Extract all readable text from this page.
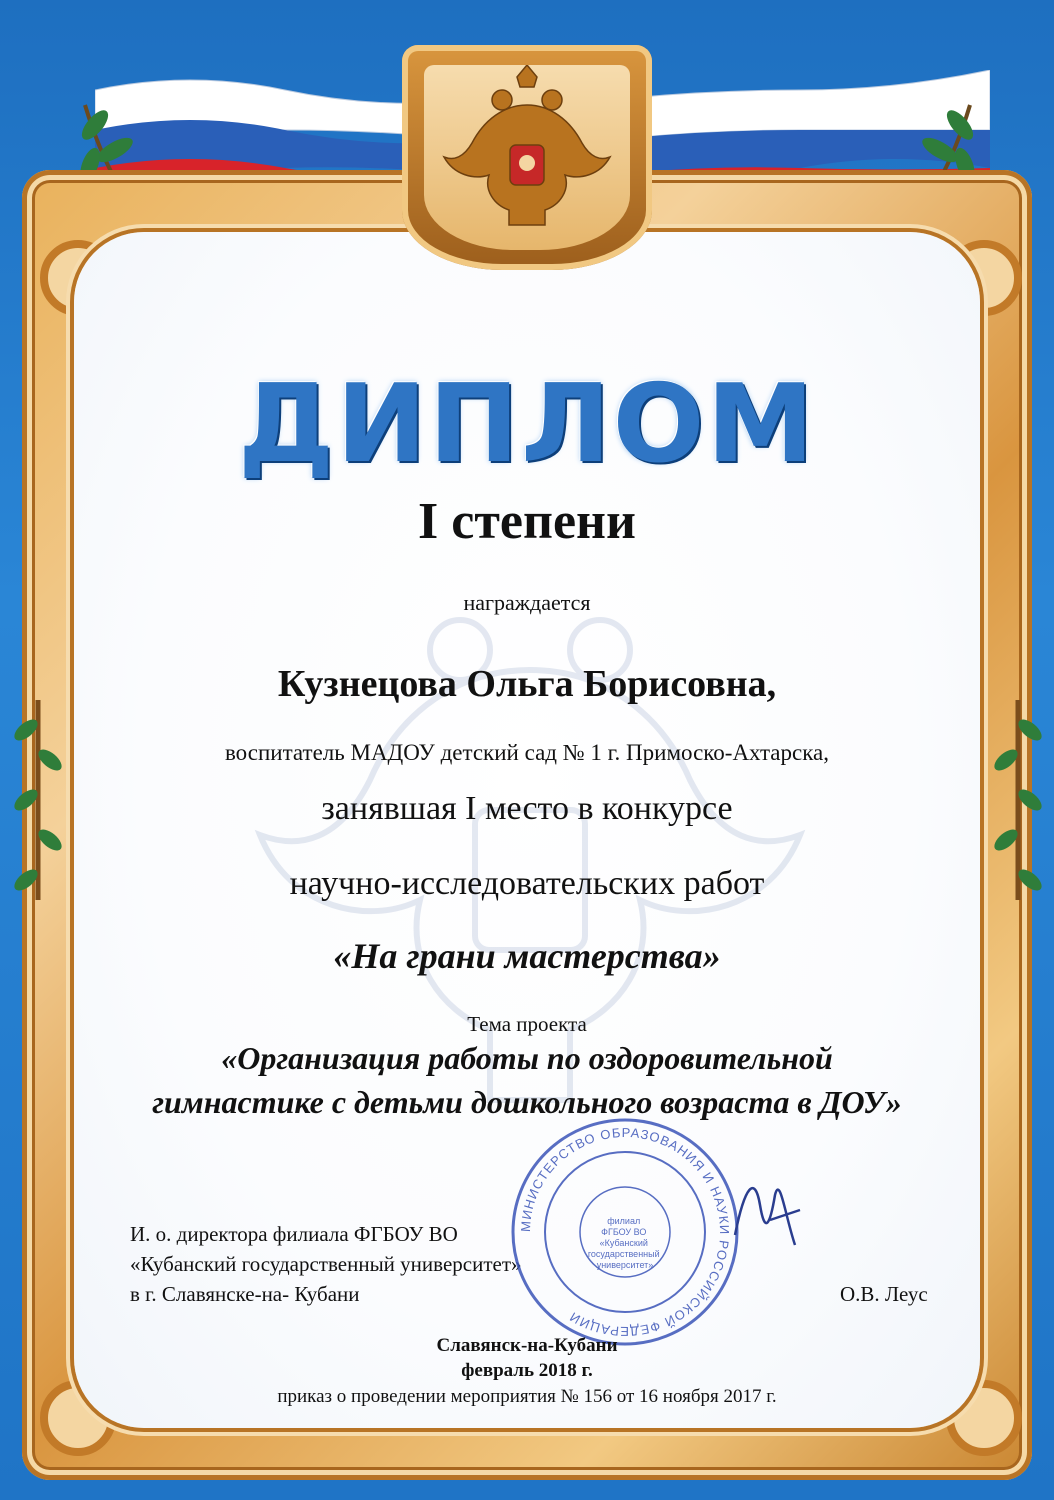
ДИПЛОМ
I степени
награждается
Кузнецова Ольга Борисовна,
воспитатель МАДОУ детский сад № 1 г. Примоско-Ахтарска,
занявшая I место в конкурсе
научно-исследовательских работ
«На грани мастерства»
Тема проекта
«Организация работы по оздоровительной
гимнастике с детьми дошкольного возраста в ДОУ»
И. о. директора филиала ФГБОУ ВО
«Кубанский государственный университет»
в г. Славянске-на- Кубани	О.В. Леус
МИНИСТЕРСТВО ОБРАЗОВАНИЯ И НАУКИ РОССИЙСКОЙ ФЕДЕРАЦИИ
филиал ФГБОУ ВО «Кубанский государственный университет»
Славянск-на-Кубани
февраль 2018 г.
приказ о проведении мероприятия № 156 от 16 ноября 2017 г.
